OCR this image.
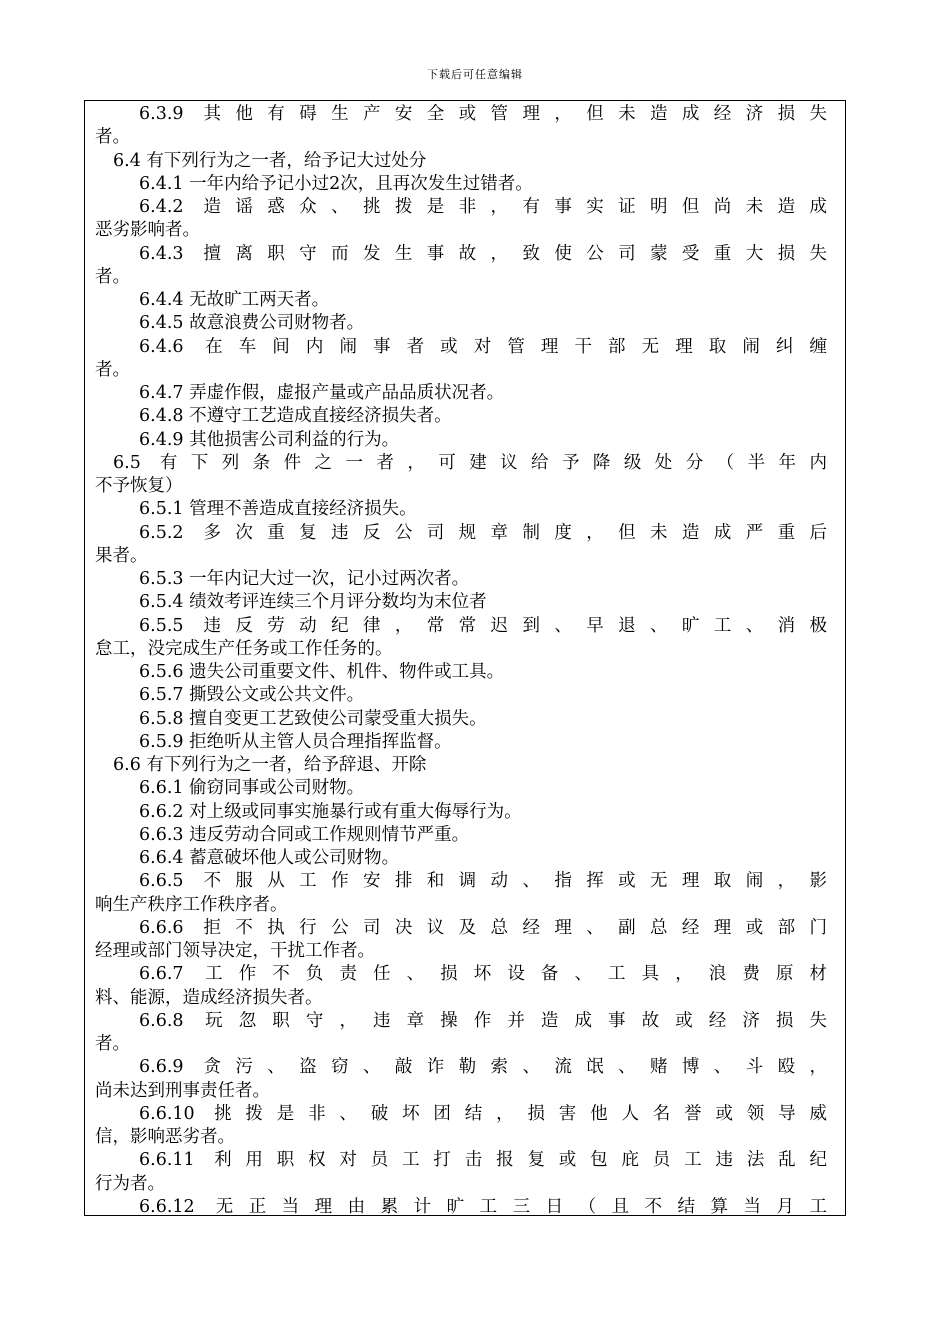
下载后可任意编辑
6.3.9 其他有碍生产安全或管理，但未造成经济损失
者。
6.4 有下列行为之一者，给予记大过处分
6.4.1 一年内给予记小过2次，且再次发生过错者。
6.4.2 造谣惑众、挑拨是非，有事实证明但尚未造成
恶劣影响者。
6.4.3 擅离职守而发生事故，致使公司蒙受重大损失
者。
6.4.4 无故旷工两天者。
6.4.5 故意浪费公司财物者。
6.4.6 在车间内闹事者或对管理干部无理取闹纠缠
者。
6.4.7 弄虚作假，虚报产量或产品品质状况者。
6.4.8 不遵守工艺造成直接经济损失者。
6.4.9 其他损害公司利益的行为。
6.5 有下列条件之一者，可建议给予降级处分（半年内
不予恢复）
6.5.1 管理不善造成直接经济损失。
6.5.2 多次重复违反公司规章制度，但未造成严重后
果者。
6.5.3 一年内记大过一次，记小过两次者。
6.5.4 绩效考评连续三个月评分数均为末位者
6.5.5 违反劳动纪律，常常迟到、早退、旷工、消极
怠工，没完成生产任务或工作任务的。
6.5.6 遗失公司重要文件、机件、物件或工具。
6.5.7 撕毁公文或公共文件。
6.5.8 擅自变更工艺致使公司蒙受重大损失。
6.5.9 拒绝听从主管人员合理指挥监督。
6.6 有下列行为之一者，给予辞退、开除
6.6.1 偷窃同事或公司财物。
6.6.2 对上级或同事实施暴行或有重大侮辱行为。
6.6.3 违反劳动合同或工作规则情节严重。
6.6.4 蓄意破坏他人或公司财物。
6.6.5 不服从工作安排和调动、指挥或无理取闹，影
响生产秩序工作秩序者。
6.6.6 拒不执行公司决议及总经理、副总经理或部门
经理或部门领导决定，干扰工作者。
6.6.7 工作不负责任、损坏设备、工具，浪费原材
料、能源，造成经济损失者。
6.6.8 玩忽职守，违章操作并造成事故或经济损失
者。
6.6.9 贪污、盗窃、敲诈勒索、流氓、赌博、斗殴，
尚未达到刑事责任者。
6.6.10 挑拨是非、破坏团结，损害他人名誉或领导威
信，影响恶劣者。
6.6.11 利用职权对员工打击报复或包庇员工违法乱纪
行为者。
6.6.12 无正当理由累计旷工三日（且不结算当月工
